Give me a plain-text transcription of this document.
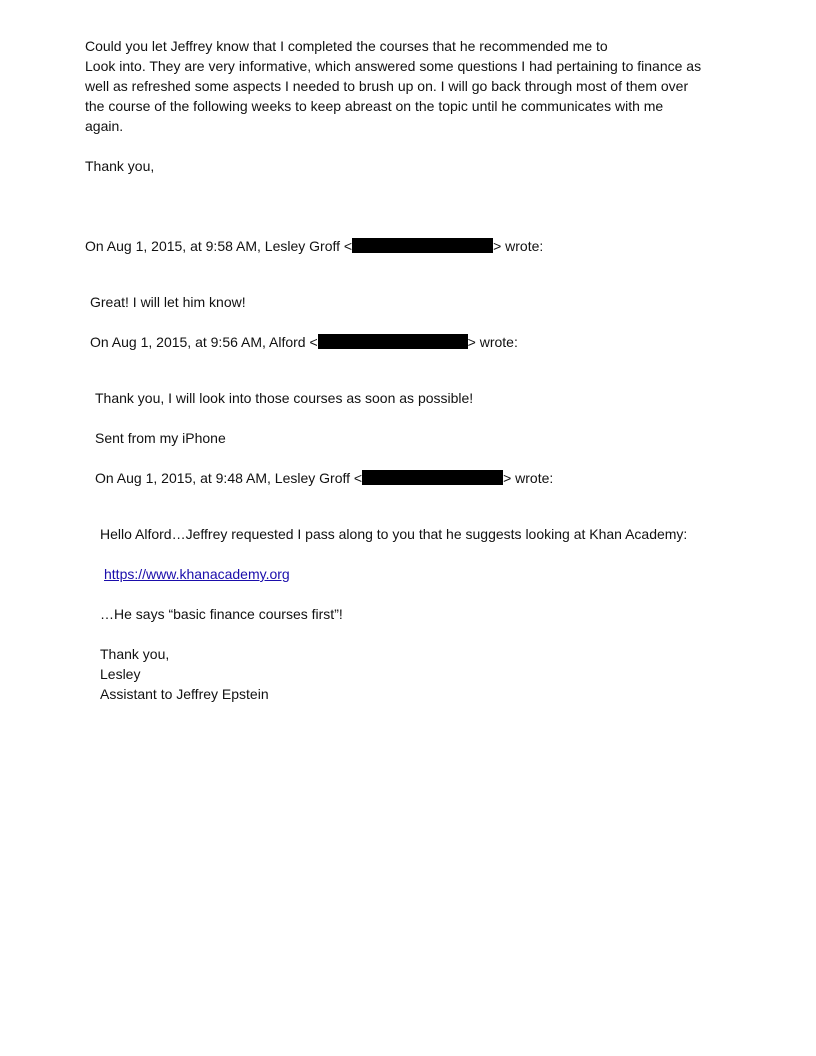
Could you let Jeffrey know that I completed the courses that he recommended me to
Look into. They are very informative, which answered some questions I had pertaining to finance as
well as refreshed some aspects I needed to brush up on. I will go back through most of them over
the course of the following weeks to keep abreast on the topic until he communicates with me
again.
Thank you,
On Aug 1, 2015, at 9:58 AM, Lesley Groff <	> wrote:
Great! I will let him know!
On Aug 1, 2015, at 9:56 AM, Alford <	> wrote:
Thank you, I will look into those courses as soon as possible!
Sent from my iPhone
On Aug 1, 2015, at 9:48 AM, Lesley Groff <	> wrote:
Hello Alford…Jeffrey requested I pass along to you that he suggests looking at Khan Academy:
https://www.khanacademy.org
…He says “basic finance courses first”!
Thank you,
Lesley
Assistant to Jeffrey Epstein
